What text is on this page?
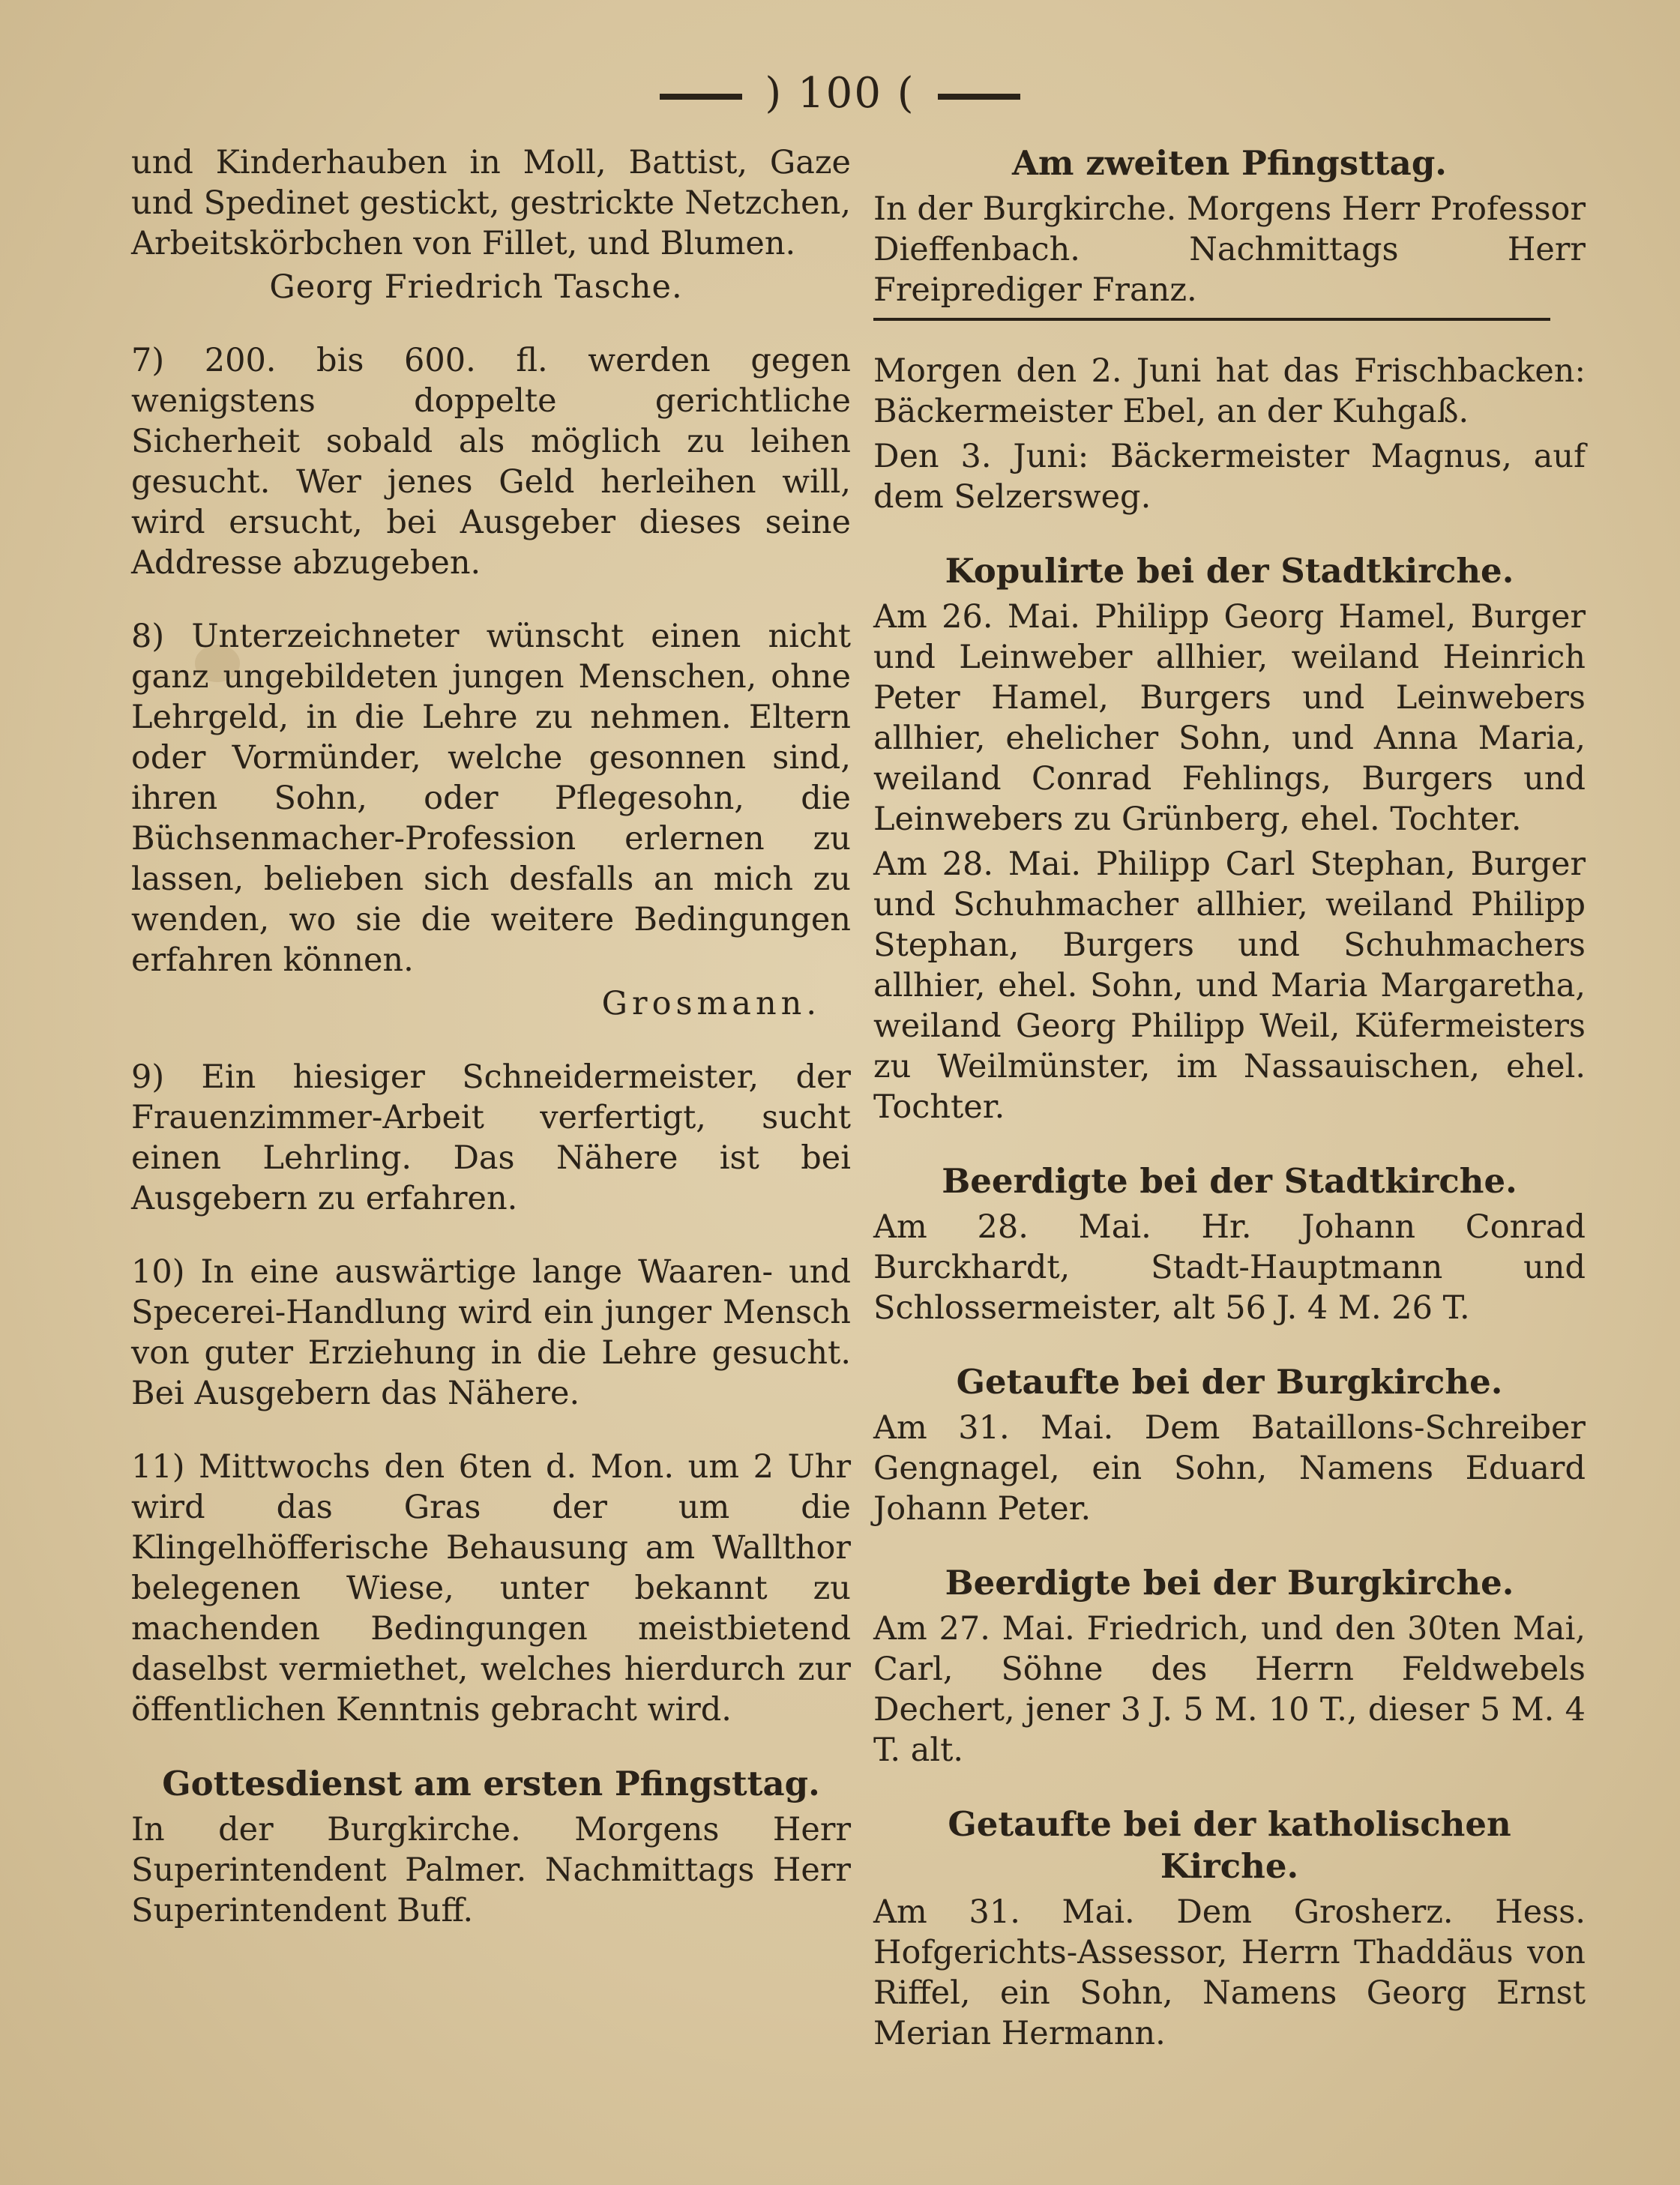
) 100 (

und Kinderhauben in Moll, Battist, Gaze und Spedinet gestickt, gestrickte Netzchen, Arbeitskörbchen von Fillet, und Blumen.

Georg Friedrich Tasche.

7) 200. bis 600. fl. werden gegen wenigstens doppelte gerichtliche Sicherheit sobald als möglich zu leihen gesucht. Wer jenes Geld herleihen will, wird ersucht, bei Ausgeber dieses seine Addresse abzugeben.

8) Unterzeichneter wünscht einen nicht ganz ungebildeten jungen Menschen, ohne Lehrgeld, in die Lehre zu nehmen. Eltern oder Vormünder, welche gesonnen sind, ihren Sohn, oder Pflegesohn, die Büchsenmacher-Profession erlernen zu lassen, belieben sich desfalls an mich zu wenden, wo sie die weitere Bedingungen erfahren können.

Grosmann.

9) Ein hiesiger Schneidermeister, der Frauenzimmer-Arbeit verfertigt, sucht einen Lehrling. Das Nähere ist bei Ausgebern zu erfahren.

10) In eine auswärtige lange Waaren- und Specerei-Handlung wird ein junger Mensch von guter Erziehung in die Lehre gesucht. Bei Ausgebern das Nähere.

11) Mittwochs den 6ten d. Mon. um 2 Uhr wird das Gras der um die Klingelhöfferische Behausung am Wallthor belegenen Wiese, unter bekannt zu machenden Bedingungen meistbietend daselbst vermiethet, welches hierdurch zur öffentlichen Kenntnis gebracht wird.

Gottesdienst am ersten Pfingsttag.

In der Burgkirche. Morgens Herr Superintendent Palmer. Nachmittags Herr Superintendent Buff.

Am zweiten Pfingsttag.

In der Burgkirche. Morgens Herr Professor Dieffenbach. Nachmittags Herr Freiprediger Franz.

Morgen den 2. Juni hat das Frischbacken: Bäckermeister Ebel, an der Kuhgaß.

Den 3. Juni: Bäckermeister Magnus, auf dem Selzersweg.

Kopulirte bei der Stadtkirche.

Am 26. Mai. Philipp Georg Hamel, Burger und Leinweber allhier, weiland Heinrich Peter Hamel, Burgers und Leinwebers allhier, ehelicher Sohn, und Anna Maria, weiland Conrad Fehlings, Burgers und Leinwebers zu Grünberg, ehel. Tochter.

Am 28. Mai. Philipp Carl Stephan, Burger und Schuhmacher allhier, weiland Philipp Stephan, Burgers und Schuhmachers allhier, ehel. Sohn, und Maria Margaretha, weiland Georg Philipp Weil, Küfermeisters zu Weilmünster, im Nassauischen, ehel. Tochter.

Beerdigte bei der Stadtkirche.

Am 28. Mai. Hr. Johann Conrad Burckhardt, Stadt-Hauptmann und Schlossermeister, alt 56 J. 4 M. 26 T.

Getaufte bei der Burgkirche.

Am 31. Mai. Dem Bataillons-Schreiber Gengnagel, ein Sohn, Namens Eduard Johann Peter.

Beerdigte bei der Burgkirche.

Am 27. Mai. Friedrich, und den 30ten Mai, Carl, Söhne des Herrn Feldwebels Dechert, jener 3 J. 5 M. 10 T., dieser 5 M. 4 T. alt.

Getaufte bei der katholischen Kirche.

Am 31. Mai. Dem Grosherz. Hess. Hofgerichts-Assessor, Herrn Thaddäus von Riffel, ein Sohn, Namens Georg Ernst Merian Hermann.
